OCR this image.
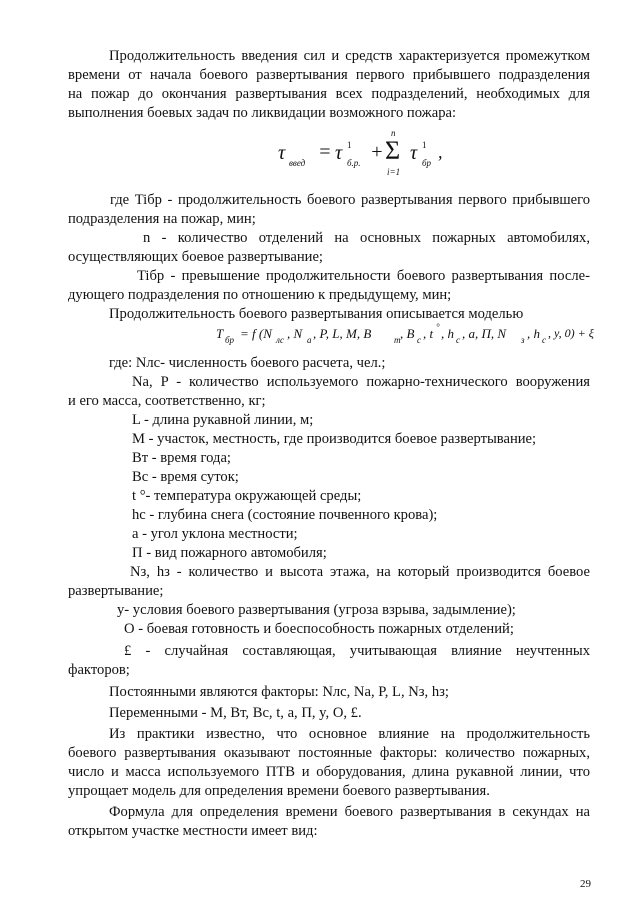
Продолжительность введения сил и средств характеризуется промежутком
времени от начала боевого развертывания первого прибывшего подразделения
на пожар до окончания развертывания всех подразделений, необходимых для
выполнения боевых задач по ликвидации возможного пожара:
τ введ = τ 1
б.р. +
n
Σ
i=1
τ 1
бр
,
где Tiбр - продолжительность боевого развертывания первого прибывшего
подразделения на пожар, мин;
n - количество отделений на основных пожарных автомобилях,
осуществляющих боевое развертывание;
Tiбр - превышение продолжительности боевого развертывания после-
дующего подразделения по отношению к предыдущему, мин;
Продолжительность боевого развертывания описывается моделью
T бр = f (N лс , N a , P, L, M, B	т , B с , t ° , h c , a, П, N з , h c , y, 0) + ξ
где: Nлс- численность боевого расчета, чел.;
Na, P - количество используемого пожарно-технического вооружения
и его масса, соответственно, кг;
L - длина рукавной линии, м;
М - участок, местность, где производится боевое развертывание;
Вт - время года;
Вс - время суток;
t °- температура окружающей среды;
hc - глубина снега (состояние почвенного крова);
a - угол уклона местности;
П - вид пожарного автомобиля;
Nз, hз - количество и высота этажа, на который производится боевое
развертывание;
y- условия боевого развертывания (угроза взрыва, задымление);
O - боевая готовность и боеспособность пожарных отделений;
£ - случайная составляющая, учитывающая влияние неучтенных
факторов;
Постоянными являются факторы: Nлс, Na, P, L, Nз, hз;
Переменными - М, Вт, Вс, t, a, П, y, O, £.
Из практики известно, что основное влияние на продолжительность
боевого развертывания оказывают постоянные факторы: количество пожарных,
число и масса используемого ПТВ и оборудования, длина рукавной линии, что
упрощает модель для определения времени боевого развертывания.
Формула для определения времени боевого развертывания в секундах на
открытом участке местности имеет вид:
29
